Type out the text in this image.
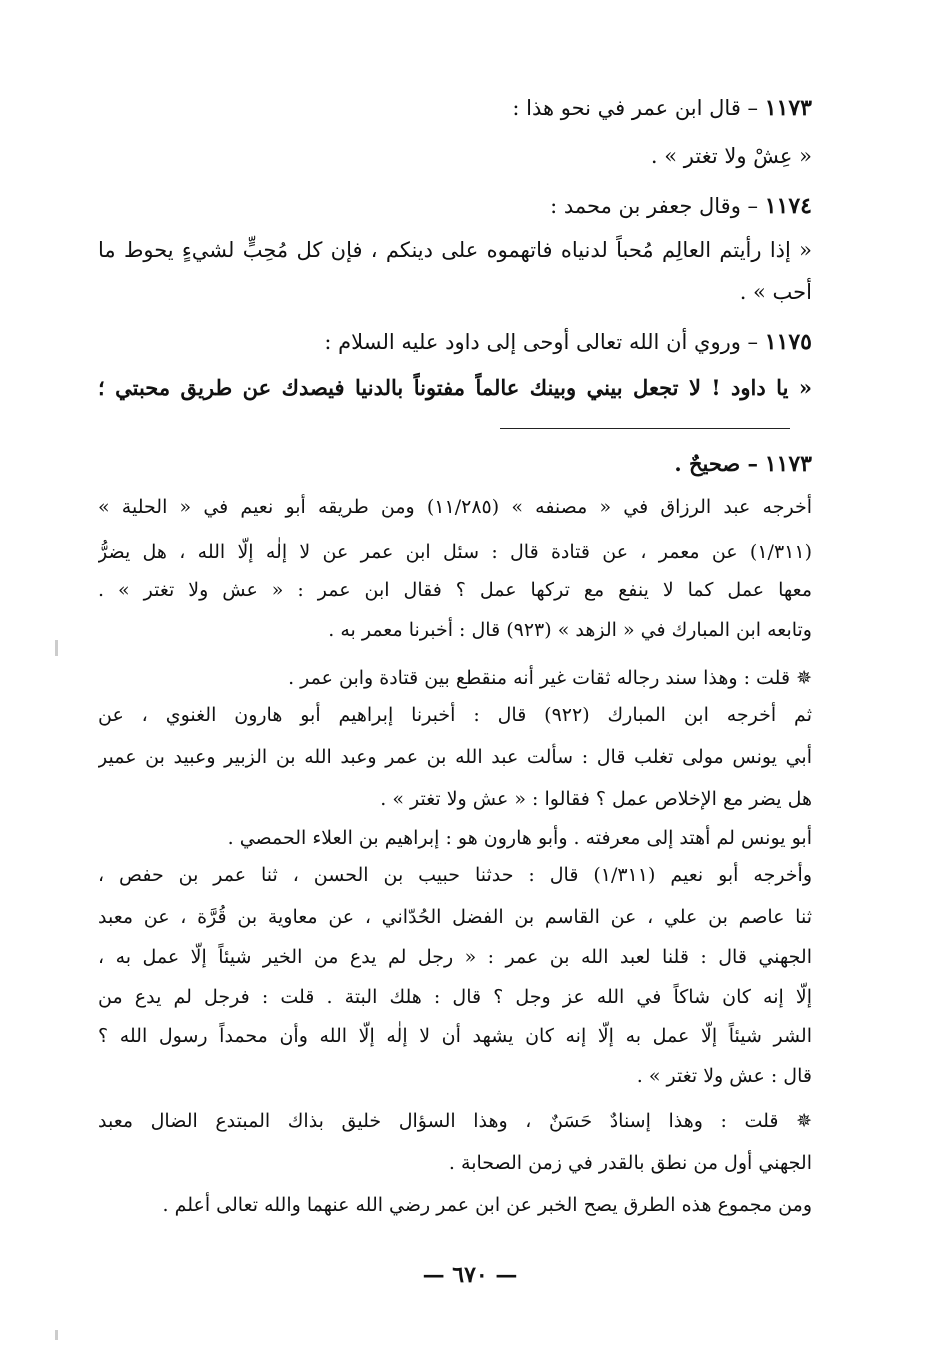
١١٧٣ – قال ابن عمر في نحو هذا :
« عِشْ ولا تغتر » .
١١٧٤ – وقال جعفر بن محمد :
« إذا رأيتم العالِم مُحباً لدنياه فاتهموه على دينكم ، فإن كل مُحِبٍّ لشيءٍ يحوط ما
أحب » .
١١٧٥ – وروي أن الله تعالى أوحى إلى داود عليه السلام :
« يا داود ! لا تجعل بيني وبينك عالماً مفتوناً بالدنيا فيصدك عن طريق محبتي ؛
١١٧٣ – صحيحٌ .
أخرجه عبد الرزاق في « مصنفه » (١١/٢٨٥) ومن طريقه أبو نعيم في « الحلية »
(١/٣١١) عن معمر ، عن قتادة قال : سئل ابن عمر عن لا إلٰه إلّا الله ، هل يضرُّ
معها عمل كما لا ينفع مع تركها عمل ؟ فقال ابن عمر : « عش ولا تغتر » .
وتابعه ابن المبارك في « الزهد » (٩٢٣) قال : أخبرنا معمر به .
✵ قلت : وهذا سند رجاله ثقات غير أنه منقطع بين قتادة وابن عمر .
ثم أخرجه ابن المبارك (٩٢٢) قال : أخبرنا إبراهيم أبو هارون الغنوي ، عن
أبي يونس مولى تغلب قال : سألت عبد الله بن عمر وعبد الله بن الزبير وعبيد بن عمير
هل يضر مع الإخلاص عمل ؟ فقالوا : « عش ولا تغتر » .
أبو يونس لم أهتد إلى معرفته . وأبو هارون هو : إبراهيم بن العلاء الحمصي .
وأخرجه أبو نعيم (١/٣١١) قال : حدثنا حبيب بن الحسن ، ثنا عمر بن حفص ،
ثنا عاصم بن علي ، عن القاسم بن الفضل الحُدّاني ، عن معاوية بن قُرَّة ، عن معبد
الجهني قال : قلنا لعبد الله بن عمر : « رجل لم يدع من الخير شيئاً إلّا عمل به ،
إلّا إنه كان شاكاً في الله عز وجل ؟ قال : هلك البتة . قلت : فرجل لم يدع من
الشر شيئاً إلّا عمل به إلّا إنه كان يشهد أن لا إلٰه إلّا الله وأن محمداً رسول الله ؟
قال : عش ولا تغتر » .
✵ قلت : وهذا إسنادٌ حَسَنٌ ، وهذا السؤال خليق بذاك المبتدع الضال معبد
الجهني أول من نطق بالقدر في زمن الصحابة .
ومن مجموع هذه الطرق يصح الخبر عن ابن عمر رضي الله عنهما والله تعالى أعلم .
— ٦٧٠ —
